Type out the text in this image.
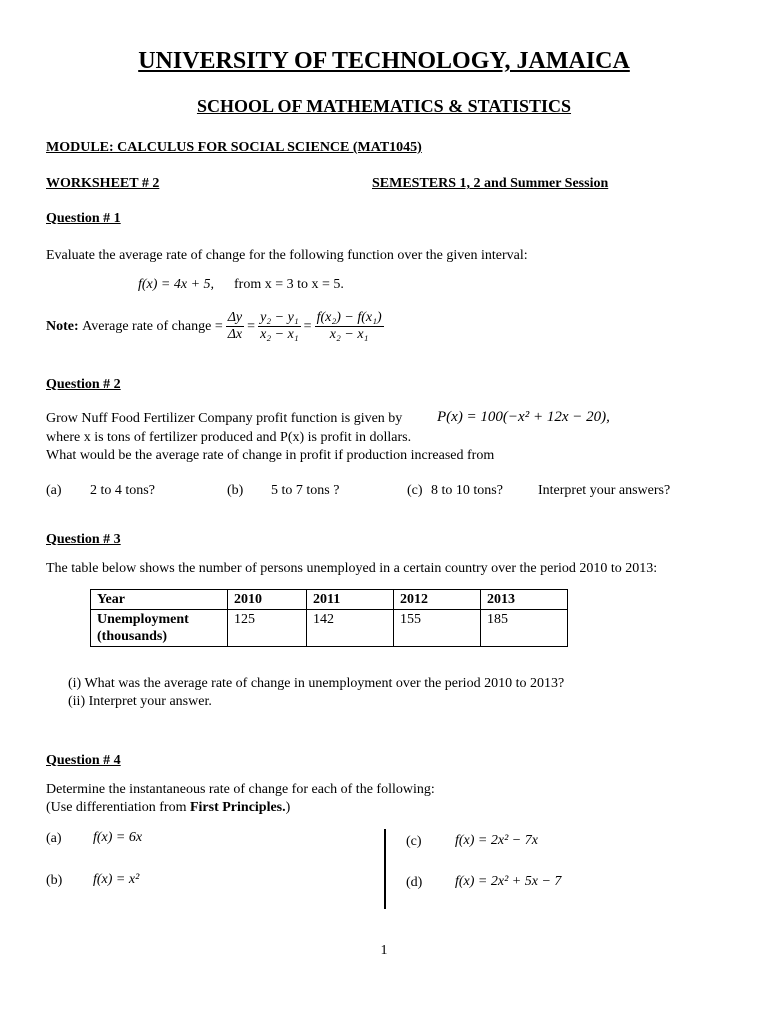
UNIVERSITY OF TECHNOLOGY, JAMAICA
SCHOOL OF MATHEMATICS & STATISTICS
MODULE: CALCULUS FOR SOCIAL SCIENCE (MAT1045)
WORKSHEET # 2	SEMESTERS 1, 2 and Summer Session
Question # 1
Evaluate the average rate of change for the following function over the given interval:
f(x) = 4x + 5, from x = 3 to x = 5.
Note:
Average rate of change = $\frac{\Delta y}{\Delta x} = \frac{\text{y₂ − y₁}}{\text{x₂ − x₁}} = \frac{\text{f(x₂) − f(x₁)}}{\text{x₂ − x₁}}$
Question # 2
Grow Nuff Food Fertilizer Company profit function is given by P(x) = 100(−x² + 12x − 20),
where x is tons of fertilizer produced and P(x) is profit in dollars.
What would be the average rate of change in profit if production increased from
(a) 2 to 4 tons?	(b) 5 to 7 tons ?	(c) 8 to 10 tons?	Interpret your answers?
Question # 3
The table below shows the number of persons unemployed in a certain country over the period 2010 to 2013:
Year	2010	2011	2012	2013
Unemployment
(thousands)	125	142	155	185
(i) What was the average rate of change in unemployment over the period 2010 to 2013?
(ii) Interpret your answer.
Question # 4
Determine the instantaneous rate of change for each of the following:
(Use differentiation from First Principles.)
(a) f(x) = 6x
(b) f(x) = x²
(c) f(x) = 2x² − 7x
(d) f(x) = 2x² + 5x − 7
1
